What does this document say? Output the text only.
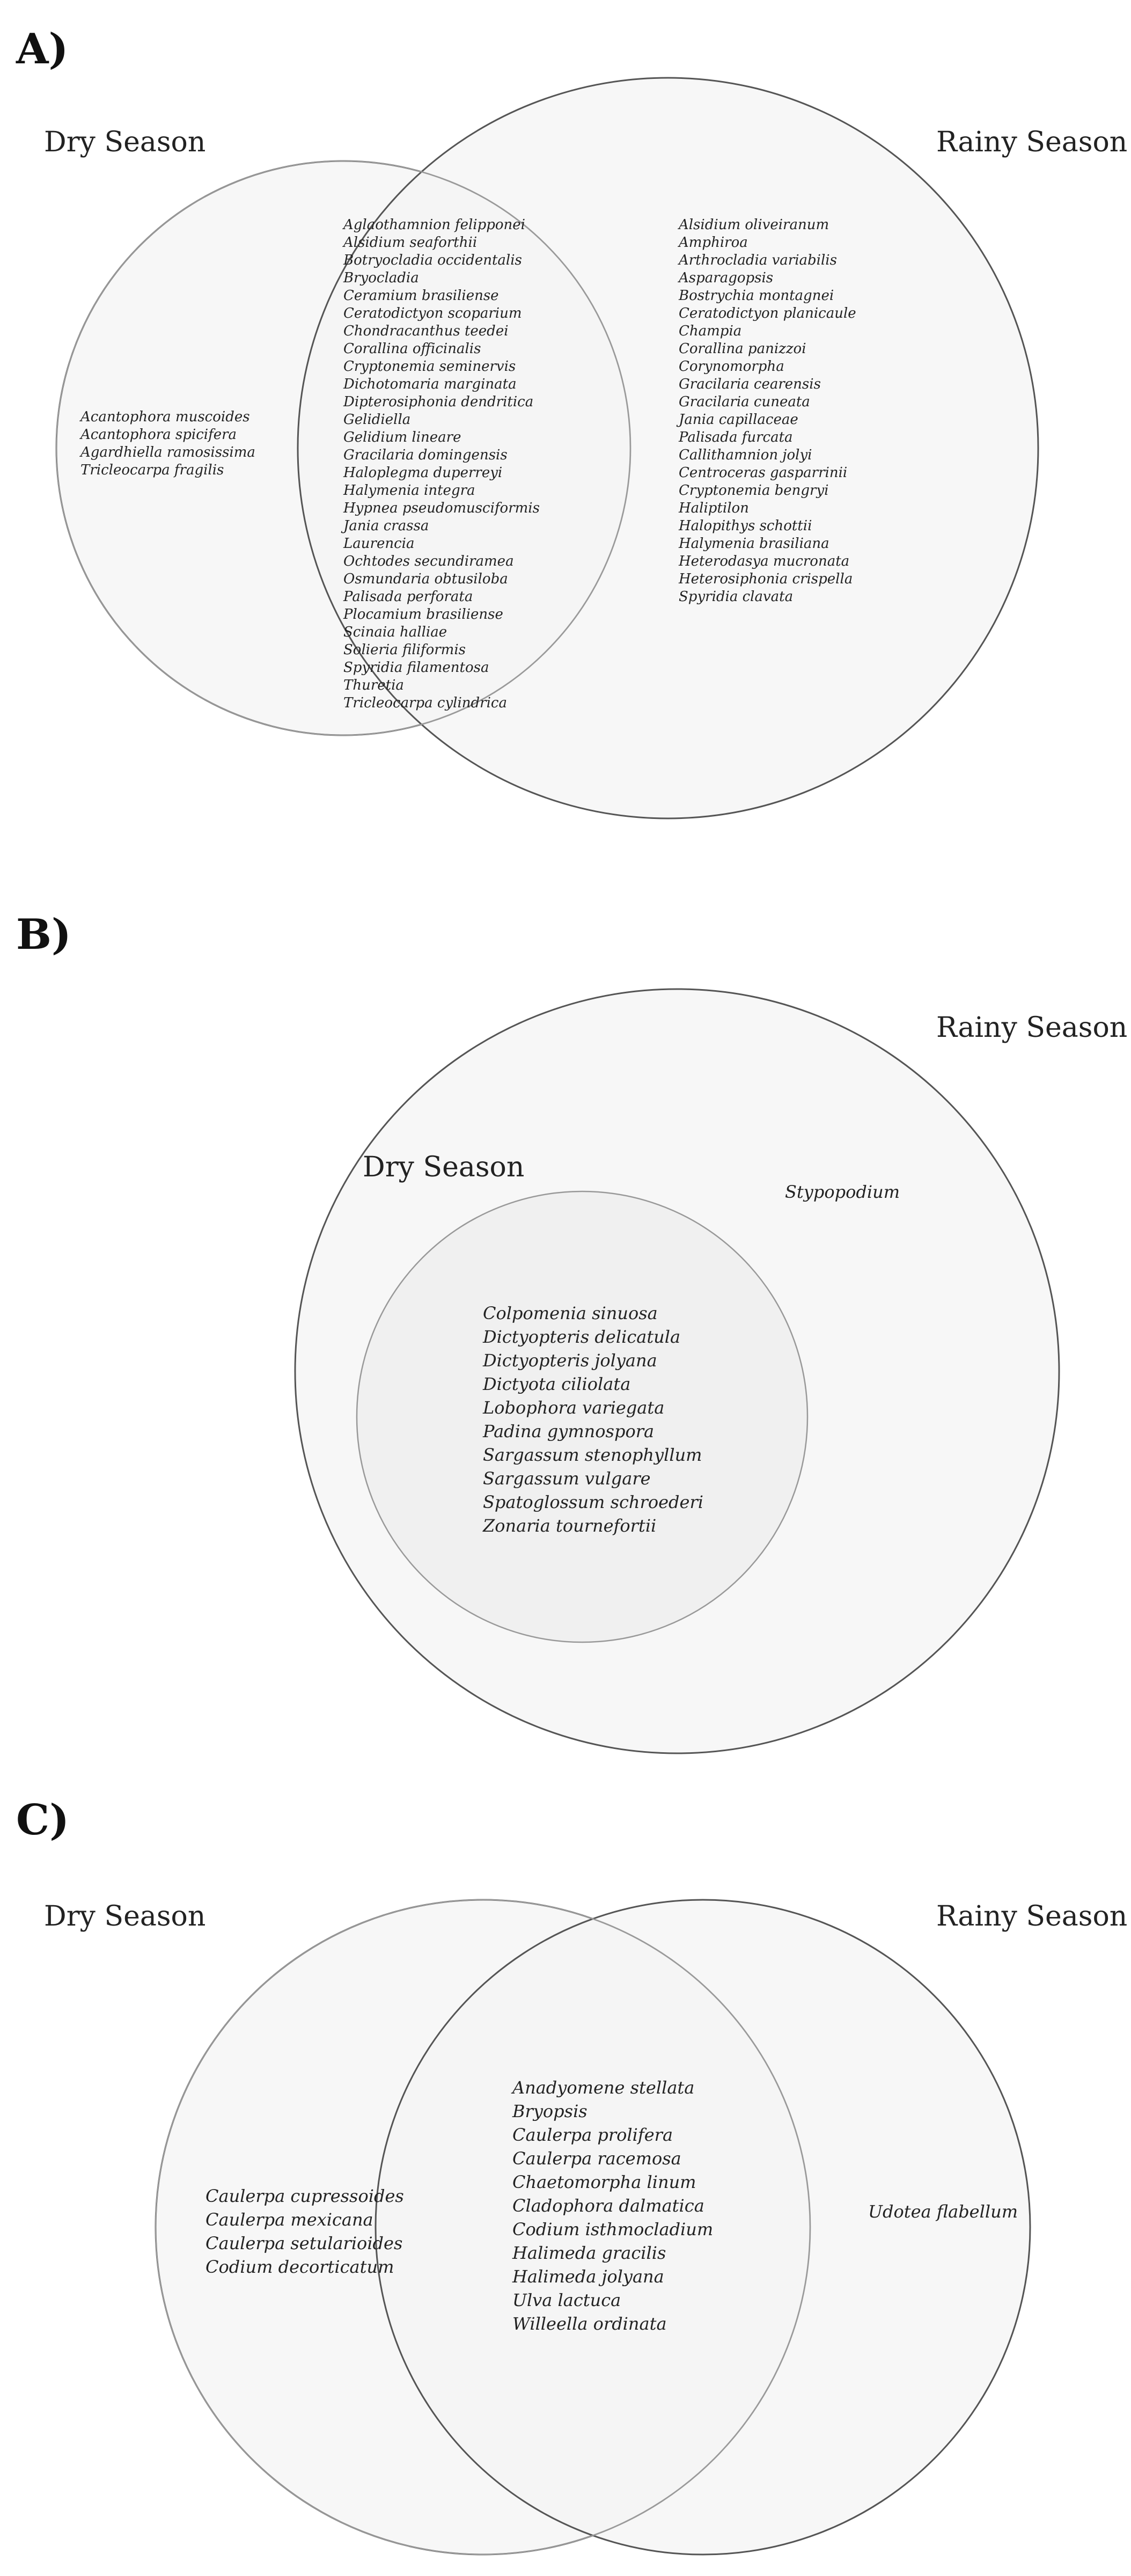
A)
Dry Season	Rainy Season
Acantophora muscoides
Acantophora spicifera
Agardhiella ramosissima
Tricleocarpa fragilis
Aglaothamnion felipponei
Alsidium seaforthii
Botryocladia occidentalis
Bryocladia
Ceramium brasiliense
Ceratodictyon scoparium
Chondracanthus teedei
Corallina officinalis
Cryptonemia seminervis
Dichotomaria marginata
Dipterosiphonia dendritica
Gelidiella
Gelidium lineare
Gracilaria domingensis
Haloplegma duperreyi
Halymenia integra
Hypnea pseudomusciformis
Jania crassa
Laurencia
Ochtodes secundiramea
Osmundaria obtusiloba
Palisada perforata
Plocamium brasiliense
Scinaia halliae
Solieria filiformis
Spyridia filamentosa
Thuretia
Tricleocarpa cylindrica
Alsidium oliveiranum
Amphiroa
Arthrocladia variabilis
Asparagopsis
Bostrychia montagnei
Ceratodictyon planicaule
Champia
Corallina panizzoi
Corynomorpha
Gracilaria cearensis
Gracilaria cuneata
Jania capillaceae
Palisada furcata
Callithamnion jolyi
Centroceras gasparrinii
Cryptonemia bengryi
Haliptilon
Halopithys schottii
Halymenia brasiliana
Heterodasya mucronata
Heterosiphonia crispella
Spyridia clavata
B)
Dry Season
Rainy Season
Colpomenia sinuosa
Dictyopteris delicatula
Dictyopteris jolyana
Dictyota ciliolata
Lobophora variegata
Padina gymnospora
Sargassum stenophyllum
Sargassum vulgare
Spatoglossum schroederi
Zonaria tournefortii
Stypopodium
C)
Dry Season	Rainy Season
Caulerpa cupressoides
Caulerpa mexicana
Caulerpa setularioides
Codium decorticatum
Anadyomene stellata
Bryopsis
Caulerpa prolifera
Caulerpa racemosa
Chaetomorpha linum
Cladophora dalmatica
Codium isthmocladium
Halimeda gracilis
Halimeda jolyana
Ulva lactuca
Willeella ordinata
Udotea flabellum
